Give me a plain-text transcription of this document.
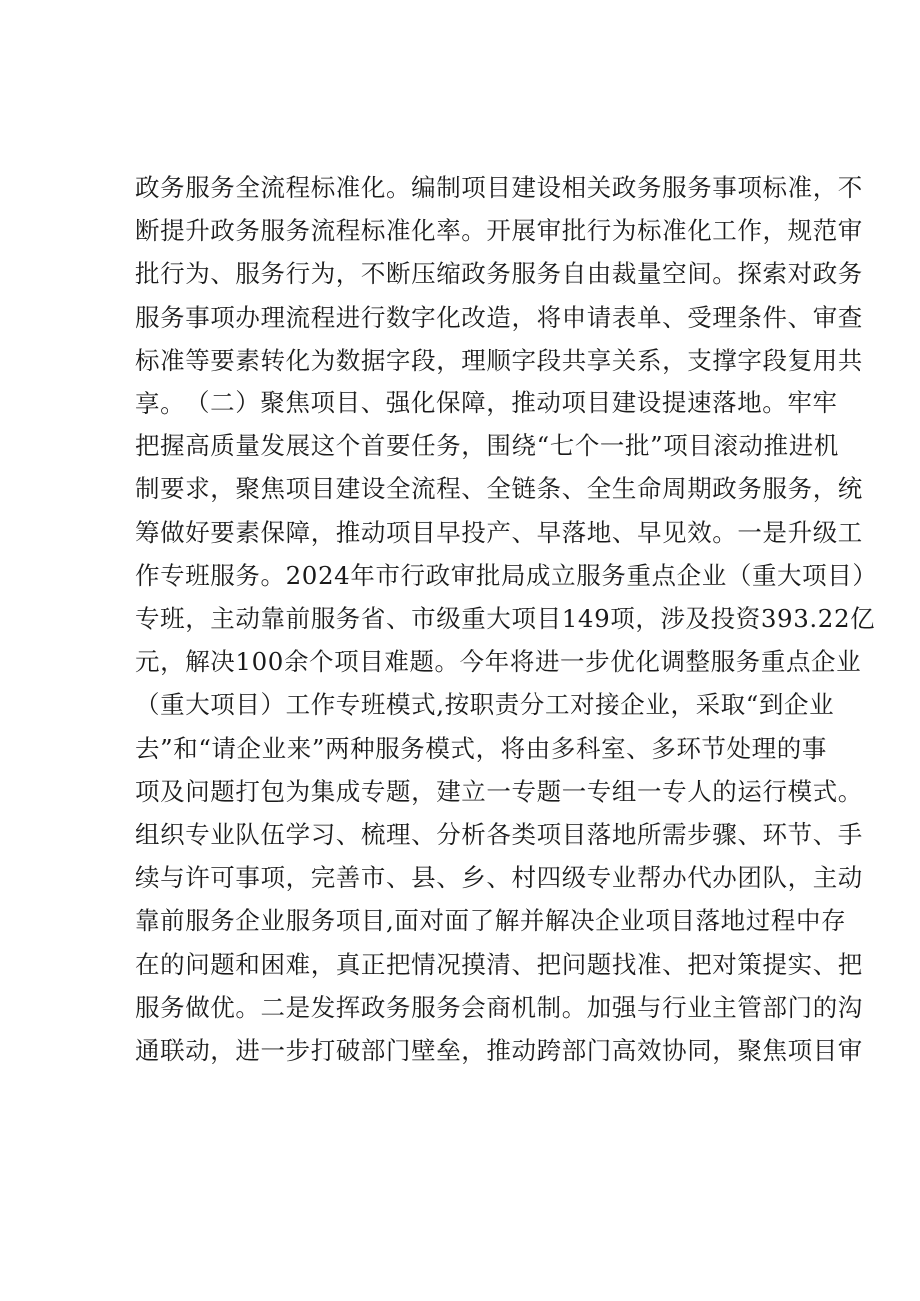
政务服务全流程标准化。编制项目建设相关政务服务事项标准，不
断提升政务服务流程标准化率。开展审批行为标准化工作，规范审
批行为、服务行为，不断压缩政务服务自由裁量空间。探索对政务
服务事项办理流程进行数字化改造，将申请表单、受理条件、审查
标准等要素转化为数据字段，理顺字段共享关系，支撑字段复用共
享。 （二）聚焦项目、强化保障，推动项目建设提速落地。牢牢
把握高质量发展这个首要任务，围绕“七个一批”项目滚动推进机
制要求，聚焦项目建设全流程、全链条、全生命周期政务服务，统
筹做好要素保障，推动项目早投产、早落地、早见效。一是升级工
作专班服务。2024年市行政审批局成立服务重点企业（重大项目）
专班，主动靠前服务省、市级重大项目149项，涉及投资393.22亿
元，解决100余个项目难题。今年将进一步优化调整服务重点企业
（重大项目）工作专班模式,按职责分工对接企业，采取“到企业
去”和“请企业来”两种服务模式，将由多科室、多环节处理的事
项及问题打包为集成专题，建立一专题一专组一专人的运行模式。
组织专业队伍学习、梳理、分析各类项目落地所需步骤、环节、手
续与许可事项，完善市、县、乡、村四级专业帮办代办团队，主动
靠前服务企业服务项目,面对面了解并解决企业项目落地过程中存
在的问题和困难，真正把情况摸清、把问题找准、把对策提实、把
服务做优。二是发挥政务服务会商机制。加强与行业主管部门的沟
通联动，进一步打破部门壁垒，推动跨部门高效协同，聚焦项目审
